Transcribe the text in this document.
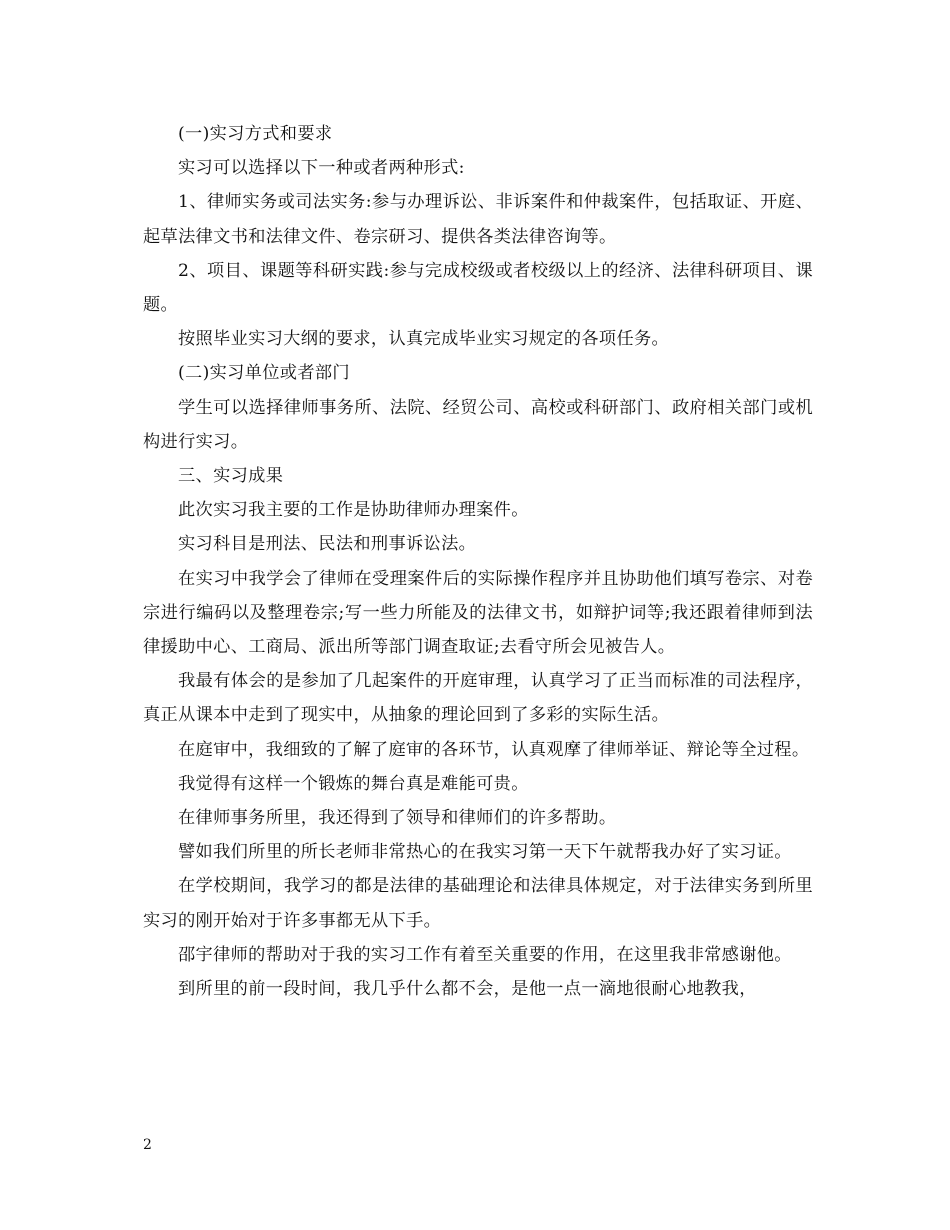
(一)实习方式和要求

实习可以选择以下一种或者两种形式:

1、律师实务或司法实务:参与办理诉讼、非诉案件和仲裁案件，包括取证、开庭、起草法律文书和法律文件、卷宗研习、提供各类法律咨询等。

2、项目、课题等科研实践:参与完成校级或者校级以上的经济、法律科研项目、课题。

按照毕业实习大纲的要求，认真完成毕业实习规定的各项任务。

(二)实习单位或者部门

学生可以选择律师事务所、法院、经贸公司、高校或科研部门、政府相关部门或机构进行实习。

三、实习成果

此次实习我主要的工作是协助律师办理案件。

实习科目是刑法、民法和刑事诉讼法。

在实习中我学会了律师在受理案件后的实际操作程序并且协助他们填写卷宗、对卷宗进行编码以及整理卷宗;写一些力所能及的法律文书，如辩护词等;我还跟着律师到法律援助中心、工商局、派出所等部门调查取证;去看守所会见被告人。

我最有体会的是参加了几起案件的开庭审理，认真学习了正当而标准的司法程序，真正从课本中走到了现实中，从抽象的理论回到了多彩的实际生活。

在庭审中，我细致的了解了庭审的各环节，认真观摩了律师举证、辩论等全过程。

我觉得有这样一个锻炼的舞台真是难能可贵。

在律师事务所里，我还得到了领导和律师们的许多帮助。

譬如我们所里的所长老师非常热心的在我实习第一天下午就帮我办好了实习证。

在学校期间，我学习的都是法律的基础理论和法律具体规定，对于法律实务到所里实习的刚开始对于许多事都无从下手。

邵宇律师的帮助对于我的实习工作有着至关重要的作用，在这里我非常感谢他。

到所里的前一段时间，我几乎什么都不会，是他一点一滴地很耐心地教我，

2
